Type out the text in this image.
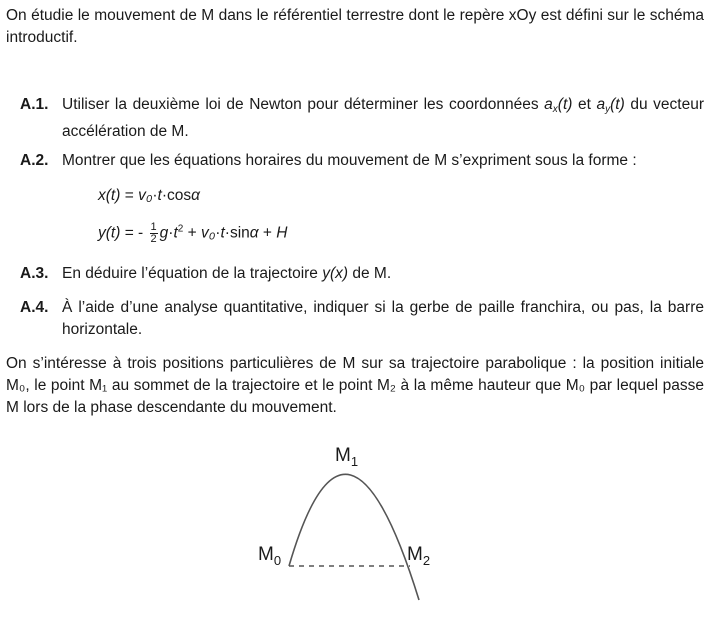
On étudie le mouvement de M dans le référentiel terrestre dont le repère xOy est défini sur le schéma introductif.
A.1. Utiliser la deuxième loi de Newton pour déterminer les coordonnées $a_x(t)$ et $a_y(t)$ du vecteur accélération de M.
A.2. Montrer que les équations horaires du mouvement de M s’expriment sous la forme :
x(t) = v₀·t·cosα
y(t) = - $\frac{1}{2} g\cdot t^2 + v_0\cdot t\cdot\sin\alpha + H$
A.3. En déduire l’équation de la trajectoire y(x) de M.
A.4. À l’aide d’une analyse quantitative, indiquer si la gerbe de paille franchira, ou pas, la barre horizontale.
On s’intéresse à trois positions particulières de M sur sa trajectoire parabolique : la position initiale M₀, le point M₁ au sommet de la trajectoire et le point M₂ à la même hauteur que M₀ par lequel passe M lors de la phase descendante du mouvement.
$M_0$
$M_1$
$M_2$
